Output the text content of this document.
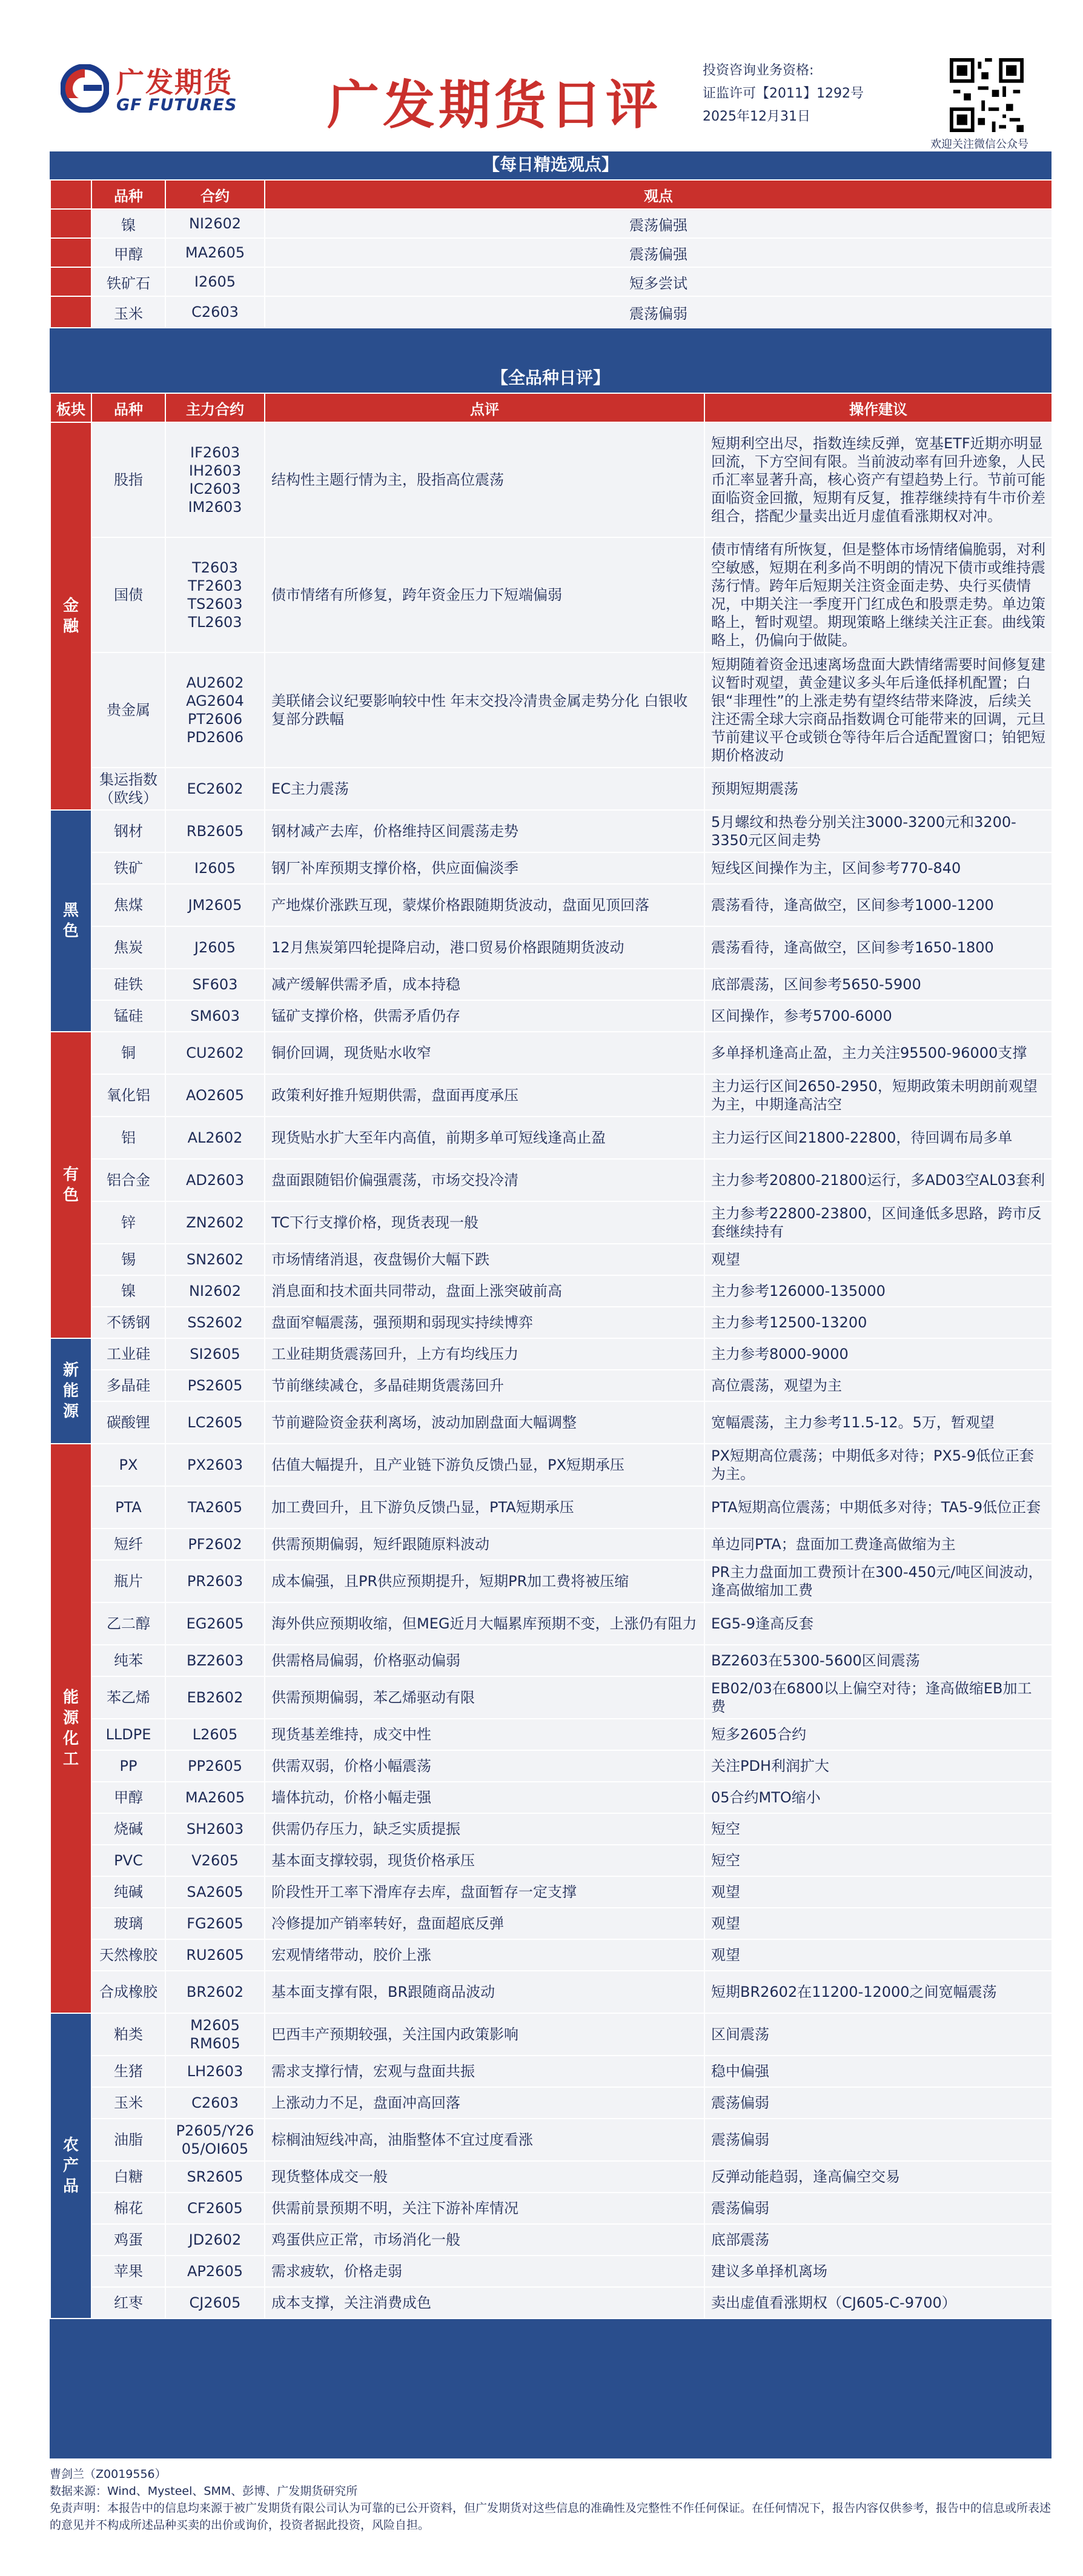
广发期货
GF FUTURES 广发期货日评
投资咨询业务资格:
证监许可【2011】1292号
2025年12月31日
欢迎关注微信公众号
【每日精选观点】
	品种	合约	观点
	镍	NI2602	震荡偏强
	甲醇	MA2605	震荡偏强
	铁矿石	I2605	短多尝试
	玉米	C2603	震荡偏弱
【全品种日评】
板块	品种	主力合约	点评	操作建议
金
融	股指	IF2603
IH2603
IC2603
IM2603	结构性主题行情为主，股指高位震荡	短期利空出尽，指数连续反弹，宽基ETF近期亦明显回流，下方空间有限。当前波动率有回升迹象，人民币汇率显著升高，核心资产有望趋势上行。节前可能面临资金回撤，短期有反复，推荐继续持有牛市价差组合，搭配少量卖出近月虚值看涨期权对冲。
	国债	T2603
TF2603
TS2603
TL2603	债市情绪有所修复，跨年资金压力下短端偏弱	债市情绪有所恢复，但是整体市场情绪偏脆弱，对利空敏感，短期在利多尚不明朗的情况下债市或维持震荡行情。跨年后短期关注资金面走势、央行买债情况，中期关注一季度开门红成色和股票走势。单边策略上，暂时观望。期现策略上继续关注正套。曲线策略上，仍偏向于做陡。
	贵金属	AU2602
AG2604
PT2606
PD2606	美联储会议纪要影响较中性 年末交投冷清贵金属走势分化 白银收复部分跌幅	短期随着资金迅速离场盘面大跌情绪需要时间修复建议暂时观望，黄金建议多头年后逢低择机配置；白银“非理性”的上涨走势有望终结带来降波，后续关注还需全球大宗商品指数调仓可能带来的回调，元旦节前建议平仓或锁仓等待年后合适配置窗口；铂钯短期价格波动
	集运指数
（欧线）	EC2602	EC主力震荡	预期短期震荡
黑
色	钢材	RB2605	钢材减产去库，价格维持区间震荡走势	5月螺纹和热卷分别关注3000-3200元和3200-3350元区间走势
	铁矿	I2605	钢厂补库预期支撑价格，供应面偏淡季	短线区间操作为主，区间参考770-840
	焦煤	JM2605	产地煤价涨跌互现，蒙煤价格跟随期货波动，盘面见顶回落	震荡看待，逢高做空，区间参考1000-1200
	焦炭	J2605	12月焦炭第四轮提降启动，港口贸易价格跟随期货波动	震荡看待，逢高做空，区间参考1650-1800
	硅铁	SF603	减产缓解供需矛盾，成本持稳	底部震荡，区间参考5650-5900
	锰硅	SM603	锰矿支撑价格，供需矛盾仍存	区间操作，参考5700-6000
有
色	铜	CU2602	铜价回调，现货贴水收窄	多单择机逢高止盈，主力关注95500-96000支撑
	氧化铝	AO2605	政策利好推升短期供需，盘面再度承压	主力运行区间2650-2950，短期政策未明朗前观望为主，中期逢高沽空
	铝	AL2602	现货贴水扩大至年内高值，前期多单可短线逢高止盈	主力运行区间21800-22800，待回调布局多单
	铝合金	AD2603	盘面跟随铝价偏强震荡，市场交投冷清	主力参考20800-21800运行，多AD03空AL03套利
	锌	ZN2602	TC下行支撑价格，现货表现一般	主力参考22800-23800，区间逢低多思路，跨市反套继续持有
	锡	SN2602	市场情绪消退，夜盘锡价大幅下跌	观望
	镍	NI2602	消息面和技术面共同带动，盘面上涨突破前高	主力参考126000-135000
	不锈钢	SS2602	盘面窄幅震荡，强预期和弱现实持续博弈	主力参考12500-13200
新
能
源	工业硅	SI2605	工业硅期货震荡回升，上方有均线压力	主力参考8000-9000
	多晶硅	PS2605	节前继续减仓，多晶硅期货震荡回升	高位震荡，观望为主
	碳酸锂	LC2605	节前避险资金获利离场，波动加剧盘面大幅调整	宽幅震荡，主力参考11.5-12。5万，暂观望
能
源
化
工	PX	PX2603	估值大幅提升，且产业链下游负反馈凸显，PX短期承压	PX短期高位震荡；中期低多对待；PX5-9低位正套为主。
	PTA	TA2605	加工费回升，且下游负反馈凸显，PTA短期承压	PTA短期高位震荡；中期低多对待；TA5-9低位正套
	短纤	PF2602	供需预期偏弱，短纤跟随原料波动	单边同PTA；盘面加工费逢高做缩为主
	瓶片	PR2603	成本偏强，且PR供应预期提升，短期PR加工费将被压缩	PR主力盘面加工费预计在300-450元/吨区间波动，逢高做缩加工费
	乙二醇	EG2605	海外供应预期收缩，但MEG近月大幅累库预期不变，上涨仍有阻力	EG5-9逢高反套
	纯苯	BZ2603	供需格局偏弱，价格驱动偏弱	BZ2603在5300-5600区间震荡
	苯乙烯	EB2602	供需预期偏弱，苯乙烯驱动有限	EB02/03在6800以上偏空对待；逢高做缩EB加工费
	LLDPE	L2605	现货基差维持，成交中性	短多2605合约
	PP	PP2605	供需双弱，价格小幅震荡	关注PDH利润扩大
	甲醇	MA2605	墙体抗动，价格小幅走强	05合约MTO缩小
	烧碱	SH2603	供需仍存压力，缺乏实质提振	短空
	PVC	V2605	基本面支撑较弱，现货价格承压	短空
	纯碱	SA2605	阶段性开工率下滑库存去库，盘面暂存一定支撑	观望
	玻璃	FG2605	冷修提加产销率转好，盘面超底反弹	观望
	天然橡胶	RU2605	宏观情绪带动，胶价上涨	观望
	合成橡胶	BR2602	基本面支撑有限，BR跟随商品波动	短期BR2602在11200-12000之间宽幅震荡
农
产
品	粕类	M2605
RM605	巴西丰产预期较强，关注国内政策影响	区间震荡
	生猪	LH2603	需求支撑行情，宏观与盘面共振	稳中偏强
	玉米	C2603	上涨动力不足，盘面冲高回落	震荡偏弱
	油脂	P2605/Y26
05/OI605	棕榈油短线冲高，油脂整体不宜过度看涨	震荡偏弱
	白糖	SR2605	现货整体成交一般	反弹动能趋弱，逢高偏空交易
	棉花	CF2605	供需前景预期不明，关注下游补库情况	震荡偏弱
	鸡蛋	JD2602	鸡蛋供应正常，市场消化一般	底部震荡
	苹果	AP2605	需求疲软，价格走弱	建议多单择机离场
	红枣	CJ2605	成本支撑，关注消费成色	卖出虚值看涨期权（CJ605-C-9700）
曹剑兰（Z0019556）
数据来源：Wind、Mysteel、SMM、彭博、广发期货研究所
免责声明：本报告中的信息均来源于被广发期货有限公司认为可靠的已公开资料，但广发期货对这些信息的准确性及完整性不作任何保证。在任何情况下，报告内容仅供参考，报告中的信息或所表述的意见并不构成所述品种买卖的出价或询价，投资者据此投资，风险自担。
